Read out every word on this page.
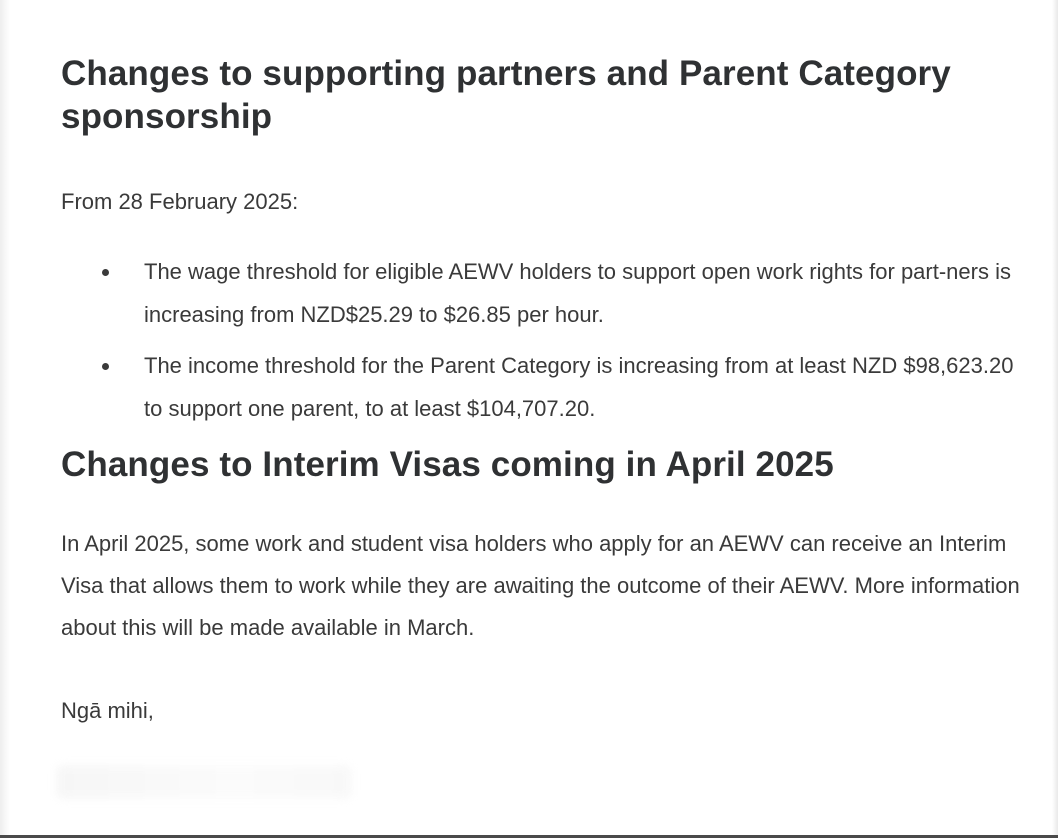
Changes to supporting partners and Parent Category sponsorship

From 28 February 2025:

The wage threshold for eligible AEWV holders to support open work rights for part-ners is increasing from NZD$25.29 to $26.85 per hour.
The income threshold for the Parent Category is increasing from at least NZD $98,623.20 to support one parent, to at least $104,707.20.
Changes to Interim Visas coming in April 2025

In April 2025, some work and student visa holders who apply for an AEWV can receive an Interim Visa that allows them to work while they are awaiting the outcome of their AEWV. More information about this will be made available in March.

Ngā mihi,
